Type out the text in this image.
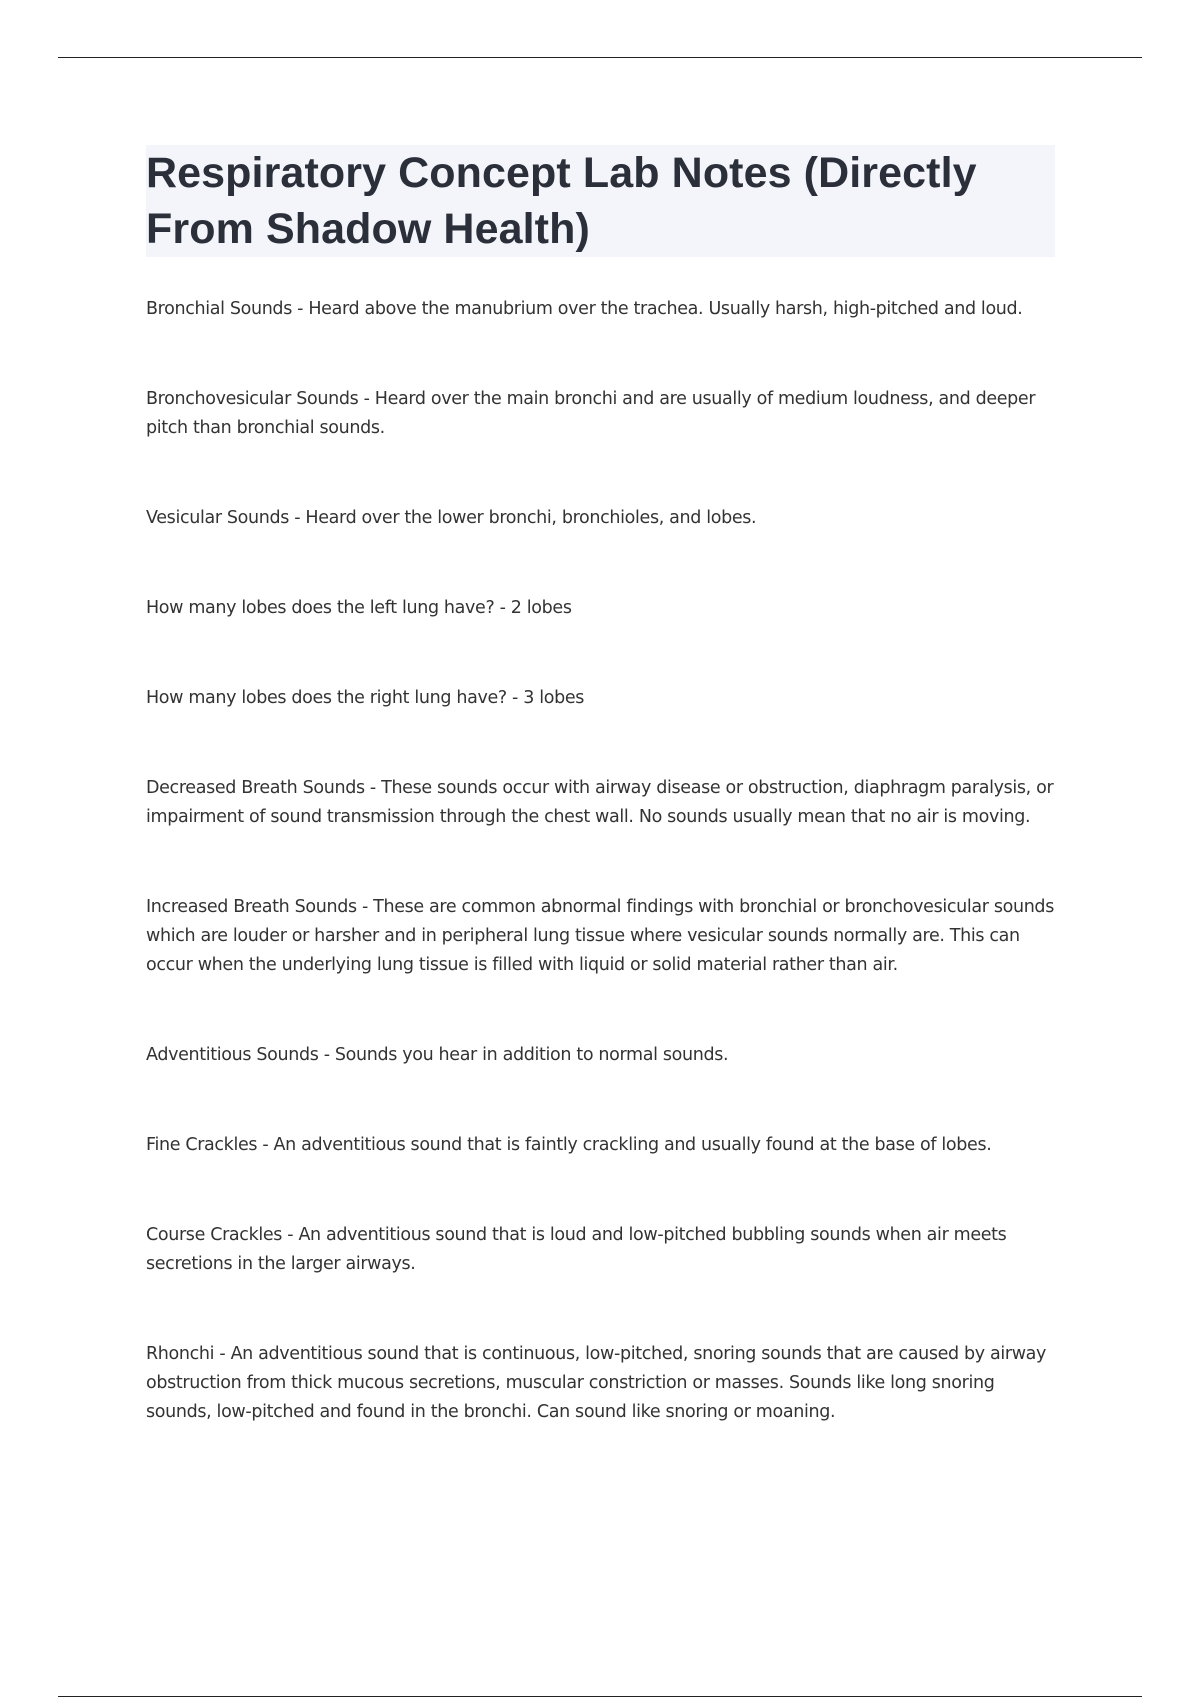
Respiratory Concept Lab Notes (Directly From Shadow Health)

Bronchial Sounds - Heard above the manubrium over the trachea. Usually harsh, high-pitched and loud.

Bronchovesicular Sounds - Heard over the main bronchi and are usually of medium loudness, and deeper pitch than bronchial sounds.

Vesicular Sounds - Heard over the lower bronchi, bronchioles, and lobes.

How many lobes does the left lung have? - 2 lobes

How many lobes does the right lung have? - 3 lobes

Decreased Breath Sounds - These sounds occur with airway disease or obstruction, diaphragm paralysis, or impairment of sound transmission through the chest wall. No sounds usually mean that no air is moving.

Increased Breath Sounds - These are common abnormal findings with bronchial or bronchovesicular sounds which are louder or harsher and in peripheral lung tissue where vesicular sounds normally are. This can occur when the underlying lung tissue is filled with liquid or solid material rather than air.

Adventitious Sounds - Sounds you hear in addition to normal sounds.

Fine Crackles - An adventitious sound that is faintly crackling and usually found at the base of lobes.

Course Crackles - An adventitious sound that is loud and low-pitched bubbling sounds when air meets secretions in the larger airways.

Rhonchi - An adventitious sound that is continuous, low-pitched, snoring sounds that are caused by airway obstruction from thick mucous secretions, muscular constriction or masses. Sounds like long snoring sounds, low-pitched and found in the bronchi. Can sound like snoring or moaning.
